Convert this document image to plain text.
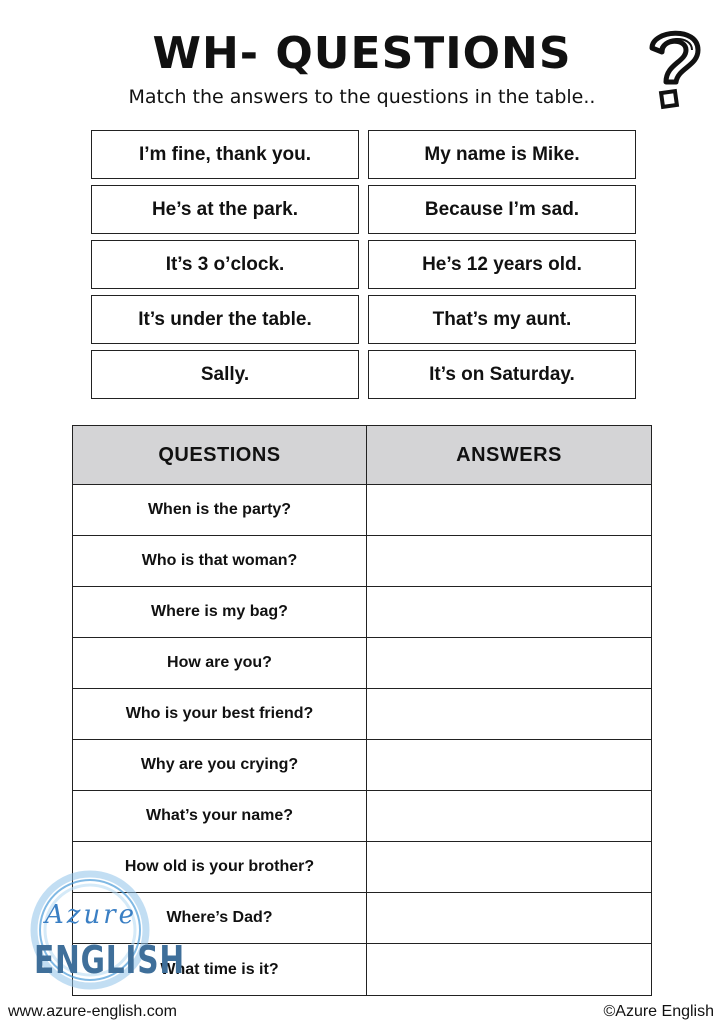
WH- QUESTIONS
Match the answers to the questions in the table..
I’m fine, thank you.	My name is Mike.
He’s at the park.	Because I’m sad.
It’s 3 o’clock.	He’s 12 years old.
It’s under the table.	That’s my aunt.
Sally.	It’s on Saturday.
QUESTIONS	ANSWERS
When is the party?
Who is that woman?
Where is my bag?
How are you?
Who is your best friend?
Why are you crying?
What’s your name?
How old is your brother?
Where’s Dad?
What time is it?
Azure
ENGLISH
www.azure-english.com	©Azure English
